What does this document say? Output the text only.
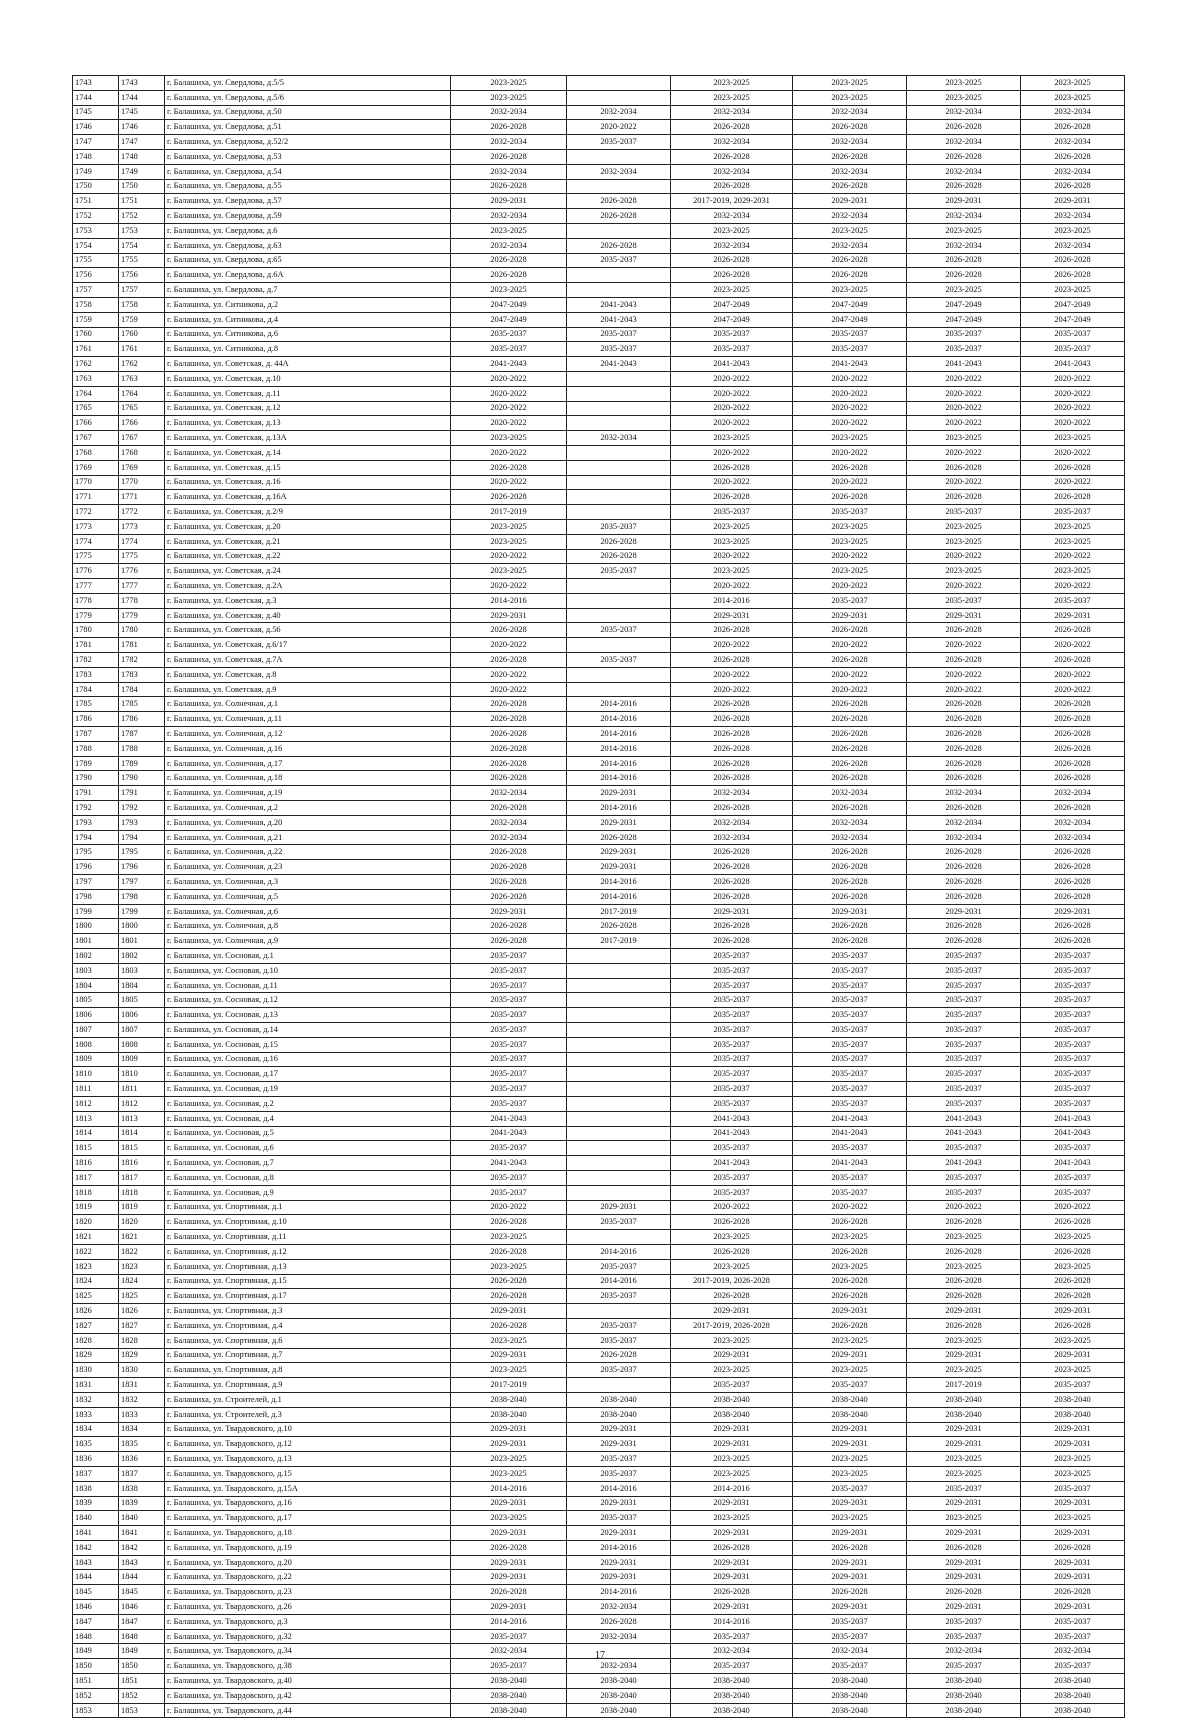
1743	1743	г. Балашиха, ул. Свердлова, д.5/5	2023-2025		2023-2025	2023-2025	2023-2025	2023-2025
1744	1744	г. Балашиха, ул. Свердлова, д.5/6	2023-2025		2023-2025	2023-2025	2023-2025	2023-2025
1745	1745	г. Балашиха, ул. Свердлова, д.50	2032-2034	2032-2034	2032-2034	2032-2034	2032-2034	2032-2034
1746	1746	г. Балашиха, ул. Свердлова, д.51	2026-2028	2020-2022	2026-2028	2026-2028	2026-2028	2026-2028
1747	1747	г. Балашиха, ул. Свердлова, д.52/2	2032-2034	2035-2037	2032-2034	2032-2034	2032-2034	2032-2034
1748	1748	г. Балашиха, ул. Свердлова, д.53	2026-2028		2026-2028	2026-2028	2026-2028	2026-2028
1749	1749	г. Балашиха, ул. Свердлова, д.54	2032-2034	2032-2034	2032-2034	2032-2034	2032-2034	2032-2034
1750	1750	г. Балашиха, ул. Свердлова, д.55	2026-2028		2026-2028	2026-2028	2026-2028	2026-2028
1751	1751	г. Балашиха, ул. Свердлова, д.57	2029-2031	2026-2028	2017-2019, 2029-2031	2029-2031	2029-2031	2029-2031
1752	1752	г. Балашиха, ул. Свердлова, д.59	2032-2034	2026-2028	2032-2034	2032-2034	2032-2034	2032-2034
1753	1753	г. Балашиха, ул. Свердлова, д.6	2023-2025		2023-2025	2023-2025	2023-2025	2023-2025
1754	1754	г. Балашиха, ул. Свердлова, д.63	2032-2034	2026-2028	2032-2034	2032-2034	2032-2034	2032-2034
1755	1755	г. Балашиха, ул. Свердлова, д.65	2026-2028	2035-2037	2026-2028	2026-2028	2026-2028	2026-2028
1756	1756	г. Балашиха, ул. Свердлова, д.6А	2026-2028		2026-2028	2026-2028	2026-2028	2026-2028
1757	1757	г. Балашиха, ул. Свердлова, д.7	2023-2025		2023-2025	2023-2025	2023-2025	2023-2025
1758	1758	г. Балашиха, ул. Ситникова, д.2	2047-2049	2041-2043	2047-2049	2047-2049	2047-2049	2047-2049
1759	1759	г. Балашиха, ул. Ситникова, д.4	2047-2049	2041-2043	2047-2049	2047-2049	2047-2049	2047-2049
1760	1760	г. Балашиха, ул. Ситникова, д.6	2035-2037	2035-2037	2035-2037	2035-2037	2035-2037	2035-2037
1761	1761	г. Балашиха, ул. Ситникова, д.8	2035-2037	2035-2037	2035-2037	2035-2037	2035-2037	2035-2037
1762	1762	г. Балашиха, ул. Советская, д. 44А	2041-2043	2041-2043	2041-2043	2041-2043	2041-2043	2041-2043
1763	1763	г. Балашиха, ул. Советская, д.10	2020-2022		2020-2022	2020-2022	2020-2022	2020-2022
1764	1764	г. Балашиха, ул. Советская, д.11	2020-2022		2020-2022	2020-2022	2020-2022	2020-2022
1765	1765	г. Балашиха, ул. Советская, д.12	2020-2022		2020-2022	2020-2022	2020-2022	2020-2022
1766	1766	г. Балашиха, ул. Советская, д.13	2020-2022		2020-2022	2020-2022	2020-2022	2020-2022
1767	1767	г. Балашиха, ул. Советская, д.13А	2023-2025	2032-2034	2023-2025	2023-2025	2023-2025	2023-2025
1768	1768	г. Балашиха, ул. Советская, д.14	2020-2022		2020-2022	2020-2022	2020-2022	2020-2022
1769	1769	г. Балашиха, ул. Советская, д.15	2026-2028		2026-2028	2026-2028	2026-2028	2026-2028
1770	1770	г. Балашиха, ул. Советская, д.16	2020-2022		2020-2022	2020-2022	2020-2022	2020-2022
1771	1771	г. Балашиха, ул. Советская, д.16А	2026-2028		2026-2028	2026-2028	2026-2028	2026-2028
1772	1772	г. Балашиха, ул. Советская, д.2/9	2017-2019		2035-2037	2035-2037	2035-2037	2035-2037
1773	1773	г. Балашиха, ул. Советская, д.20	2023-2025	2035-2037	2023-2025	2023-2025	2023-2025	2023-2025
1774	1774	г. Балашиха, ул. Советская, д.21	2023-2025	2026-2028	2023-2025	2023-2025	2023-2025	2023-2025
1775	1775	г. Балашиха, ул. Советская, д.22	2020-2022	2026-2028	2020-2022	2020-2022	2020-2022	2020-2022
1776	1776	г. Балашиха, ул. Советская, д.24	2023-2025	2035-2037	2023-2025	2023-2025	2023-2025	2023-2025
1777	1777	г. Балашиха, ул. Советская, д.2А	2020-2022		2020-2022	2020-2022	2020-2022	2020-2022
1778	1778	г. Балашиха, ул. Советская, д.3	2014-2016		2014-2016	2035-2037	2035-2037	2035-2037
1779	1779	г. Балашиха, ул. Советская, д.40	2029-2031		2029-2031	2029-2031	2029-2031	2029-2031
1780	1780	г. Балашиха, ул. Советская, д.56	2026-2028	2035-2037	2026-2028	2026-2028	2026-2028	2026-2028
1781	1781	г. Балашиха, ул. Советская, д.6/17	2020-2022		2020-2022	2020-2022	2020-2022	2020-2022
1782	1782	г. Балашиха, ул. Советская, д.7А	2026-2028	2035-2037	2026-2028	2026-2028	2026-2028	2026-2028
1783	1783	г. Балашиха, ул. Советская, д.8	2020-2022		2020-2022	2020-2022	2020-2022	2020-2022
1784	1784	г. Балашиха, ул. Советская, д.9	2020-2022		2020-2022	2020-2022	2020-2022	2020-2022
1785	1785	г. Балашиха, ул. Солнечная, д.1	2026-2028	2014-2016	2026-2028	2026-2028	2026-2028	2026-2028
1786	1786	г. Балашиха, ул. Солнечная, д.11	2026-2028	2014-2016	2026-2028	2026-2028	2026-2028	2026-2028
1787	1787	г. Балашиха, ул. Солнечная, д.12	2026-2028	2014-2016	2026-2028	2026-2028	2026-2028	2026-2028
1788	1788	г. Балашиха, ул. Солнечная, д.16	2026-2028	2014-2016	2026-2028	2026-2028	2026-2028	2026-2028
1789	1789	г. Балашиха, ул. Солнечная, д.17	2026-2028	2014-2016	2026-2028	2026-2028	2026-2028	2026-2028
1790	1790	г. Балашиха, ул. Солнечная, д.18	2026-2028	2014-2016	2026-2028	2026-2028	2026-2028	2026-2028
1791	1791	г. Балашиха, ул. Солнечная, д.19	2032-2034	2029-2031	2032-2034	2032-2034	2032-2034	2032-2034
1792	1792	г. Балашиха, ул. Солнечная, д.2	2026-2028	2014-2016	2026-2028	2026-2028	2026-2028	2026-2028
1793	1793	г. Балашиха, ул. Солнечная, д.20	2032-2034	2029-2031	2032-2034	2032-2034	2032-2034	2032-2034
1794	1794	г. Балашиха, ул. Солнечная, д.21	2032-2034	2026-2028	2032-2034	2032-2034	2032-2034	2032-2034
1795	1795	г. Балашиха, ул. Солнечная, д.22	2026-2028	2029-2031	2026-2028	2026-2028	2026-2028	2026-2028
1796	1796	г. Балашиха, ул. Солнечная, д.23	2026-2028	2029-2031	2026-2028	2026-2028	2026-2028	2026-2028
1797	1797	г. Балашиха, ул. Солнечная, д.3	2026-2028	2014-2016	2026-2028	2026-2028	2026-2028	2026-2028
1798	1798	г. Балашиха, ул. Солнечная, д.5	2026-2028	2014-2016	2026-2028	2026-2028	2026-2028	2026-2028
1799	1799	г. Балашиха, ул. Солнечная, д.6	2029-2031	2017-2019	2029-2031	2029-2031	2029-2031	2029-2031
1800	1800	г. Балашиха, ул. Солнечная, д.8	2026-2028	2026-2028	2026-2028	2026-2028	2026-2028	2026-2028
1801	1801	г. Балашиха, ул. Солнечная, д.9	2026-2028	2017-2019	2026-2028	2026-2028	2026-2028	2026-2028
1802	1802	г. Балашиха, ул. Сосновая, д.1	2035-2037		2035-2037	2035-2037	2035-2037	2035-2037
1803	1803	г. Балашиха, ул. Сосновая, д.10	2035-2037		2035-2037	2035-2037	2035-2037	2035-2037
1804	1804	г. Балашиха, ул. Сосновая, д.11	2035-2037		2035-2037	2035-2037	2035-2037	2035-2037
1805	1805	г. Балашиха, ул. Сосновая, д.12	2035-2037		2035-2037	2035-2037	2035-2037	2035-2037
1806	1806	г. Балашиха, ул. Сосновая, д.13	2035-2037		2035-2037	2035-2037	2035-2037	2035-2037
1807	1807	г. Балашиха, ул. Сосновая, д.14	2035-2037		2035-2037	2035-2037	2035-2037	2035-2037
1808	1808	г. Балашиха, ул. Сосновая, д.15	2035-2037		2035-2037	2035-2037	2035-2037	2035-2037
1809	1809	г. Балашиха, ул. Сосновая, д.16	2035-2037		2035-2037	2035-2037	2035-2037	2035-2037
1810	1810	г. Балашиха, ул. Сосновая, д.17	2035-2037		2035-2037	2035-2037	2035-2037	2035-2037
1811	1811	г. Балашиха, ул. Сосновая, д.19	2035-2037		2035-2037	2035-2037	2035-2037	2035-2037
1812	1812	г. Балашиха, ул. Сосновая, д.2	2035-2037		2035-2037	2035-2037	2035-2037	2035-2037
1813	1813	г. Балашиха, ул. Сосновая, д.4	2041-2043		2041-2043	2041-2043	2041-2043	2041-2043
1814	1814	г. Балашиха, ул. Сосновая, д.5	2041-2043		2041-2043	2041-2043	2041-2043	2041-2043
1815	1815	г. Балашиха, ул. Сосновая, д.6	2035-2037		2035-2037	2035-2037	2035-2037	2035-2037
1816	1816	г. Балашиха, ул. Сосновая, д.7	2041-2043		2041-2043	2041-2043	2041-2043	2041-2043
1817	1817	г. Балашиха, ул. Сосновая, д.8	2035-2037		2035-2037	2035-2037	2035-2037	2035-2037
1818	1818	г. Балашиха, ул. Сосновая, д.9	2035-2037		2035-2037	2035-2037	2035-2037	2035-2037
1819	1819	г. Балашиха, ул. Спортивная, д.1	2020-2022	2029-2031	2020-2022	2020-2022	2020-2022	2020-2022
1820	1820	г. Балашиха, ул. Спортивная, д.10	2026-2028	2035-2037	2026-2028	2026-2028	2026-2028	2026-2028
1821	1821	г. Балашиха, ул. Спортивная, д.11	2023-2025		2023-2025	2023-2025	2023-2025	2023-2025
1822	1822	г. Балашиха, ул. Спортивная, д.12	2026-2028	2014-2016	2026-2028	2026-2028	2026-2028	2026-2028
1823	1823	г. Балашиха, ул. Спортивная, д.13	2023-2025	2035-2037	2023-2025	2023-2025	2023-2025	2023-2025
1824	1824	г. Балашиха, ул. Спортивная, д.15	2026-2028	2014-2016	2017-2019, 2026-2028	2026-2028	2026-2028	2026-2028
1825	1825	г. Балашиха, ул. Спортивная, д.17	2026-2028	2035-2037	2026-2028	2026-2028	2026-2028	2026-2028
1826	1826	г. Балашиха, ул. Спортивная, д.3	2029-2031		2029-2031	2029-2031	2029-2031	2029-2031
1827	1827	г. Балашиха, ул. Спортивная, д.4	2026-2028	2035-2037	2017-2019, 2026-2028	2026-2028	2026-2028	2026-2028
1828	1828	г. Балашиха, ул. Спортивная, д.6	2023-2025	2035-2037	2023-2025	2023-2025	2023-2025	2023-2025
1829	1829	г. Балашиха, ул. Спортивная, д.7	2029-2031	2026-2028	2029-2031	2029-2031	2029-2031	2029-2031
1830	1830	г. Балашиха, ул. Спортивная, д.8	2023-2025	2035-2037	2023-2025	2023-2025	2023-2025	2023-2025
1831	1831	г. Балашиха, ул. Спортивная, д.9	2017-2019		2035-2037	2035-2037	2017-2019	2035-2037
1832	1832	г. Балашиха, ул. Строителей, д.1	2038-2040	2038-2040	2038-2040	2038-2040	2038-2040	2038-2040
1833	1833	г. Балашиха, ул. Строителей, д.3	2038-2040	2038-2040	2038-2040	2038-2040	2038-2040	2038-2040
1834	1834	г. Балашиха, ул. Твардовского, д.10	2029-2031	2029-2031	2029-2031	2029-2031	2029-2031	2029-2031
1835	1835	г. Балашиха, ул. Твардовского, д.12	2029-2031	2029-2031	2029-2031	2029-2031	2029-2031	2029-2031
1836	1836	г. Балашиха, ул. Твардовского, д.13	2023-2025	2035-2037	2023-2025	2023-2025	2023-2025	2023-2025
1837	1837	г. Балашиха, ул. Твардовского, д.15	2023-2025	2035-2037	2023-2025	2023-2025	2023-2025	2023-2025
1838	1838	г. Балашиха, ул. Твардовского, д.15А	2014-2016	2014-2016	2014-2016	2035-2037	2035-2037	2035-2037
1839	1839	г. Балашиха, ул. Твардовского, д.16	2029-2031	2029-2031	2029-2031	2029-2031	2029-2031	2029-2031
1840	1840	г. Балашиха, ул. Твардовского, д.17	2023-2025	2035-2037	2023-2025	2023-2025	2023-2025	2023-2025
1841	1841	г. Балашиха, ул. Твардовского, д.18	2029-2031	2029-2031	2029-2031	2029-2031	2029-2031	2029-2031
1842	1842	г. Балашиха, ул. Твардовского, д.19	2026-2028	2014-2016	2026-2028	2026-2028	2026-2028	2026-2028
1843	1843	г. Балашиха, ул. Твардовского, д.20	2029-2031	2029-2031	2029-2031	2029-2031	2029-2031	2029-2031
1844	1844	г. Балашиха, ул. Твардовского, д.22	2029-2031	2029-2031	2029-2031	2029-2031	2029-2031	2029-2031
1845	1845	г. Балашиха, ул. Твардовского, д.23	2026-2028	2014-2016	2026-2028	2026-2028	2026-2028	2026-2028
1846	1846	г. Балашиха, ул. Твардовского, д.26	2029-2031	2032-2034	2029-2031	2029-2031	2029-2031	2029-2031
1847	1847	г. Балашиха, ул. Твардовского, д.3	2014-2016	2026-2028	2014-2016	2035-2037	2035-2037	2035-2037
1848	1848	г. Балашиха, ул. Твардовского, д.32	2035-2037	2032-2034	2035-2037	2035-2037	2035-2037	2035-2037
1849	1849	г. Балашиха, ул. Твардовского, д.34	2032-2034		2032-2034	2032-2034	2032-2034	2032-2034
1850	1850	г. Балашиха, ул. Твардовского, д.38	2035-2037	2032-2034	2035-2037	2035-2037	2035-2037	2035-2037
1851	1851	г. Балашиха, ул. Твардовского, д.40	2038-2040	2038-2040	2038-2040	2038-2040	2038-2040	2038-2040
1852	1852	г. Балашиха, ул. Твардовского, д.42	2038-2040	2038-2040	2038-2040	2038-2040	2038-2040	2038-2040
1853	1853	г. Балашиха, ул. Твардовского, д.44	2038-2040	2038-2040	2038-2040	2038-2040	2038-2040	2038-2040
17
